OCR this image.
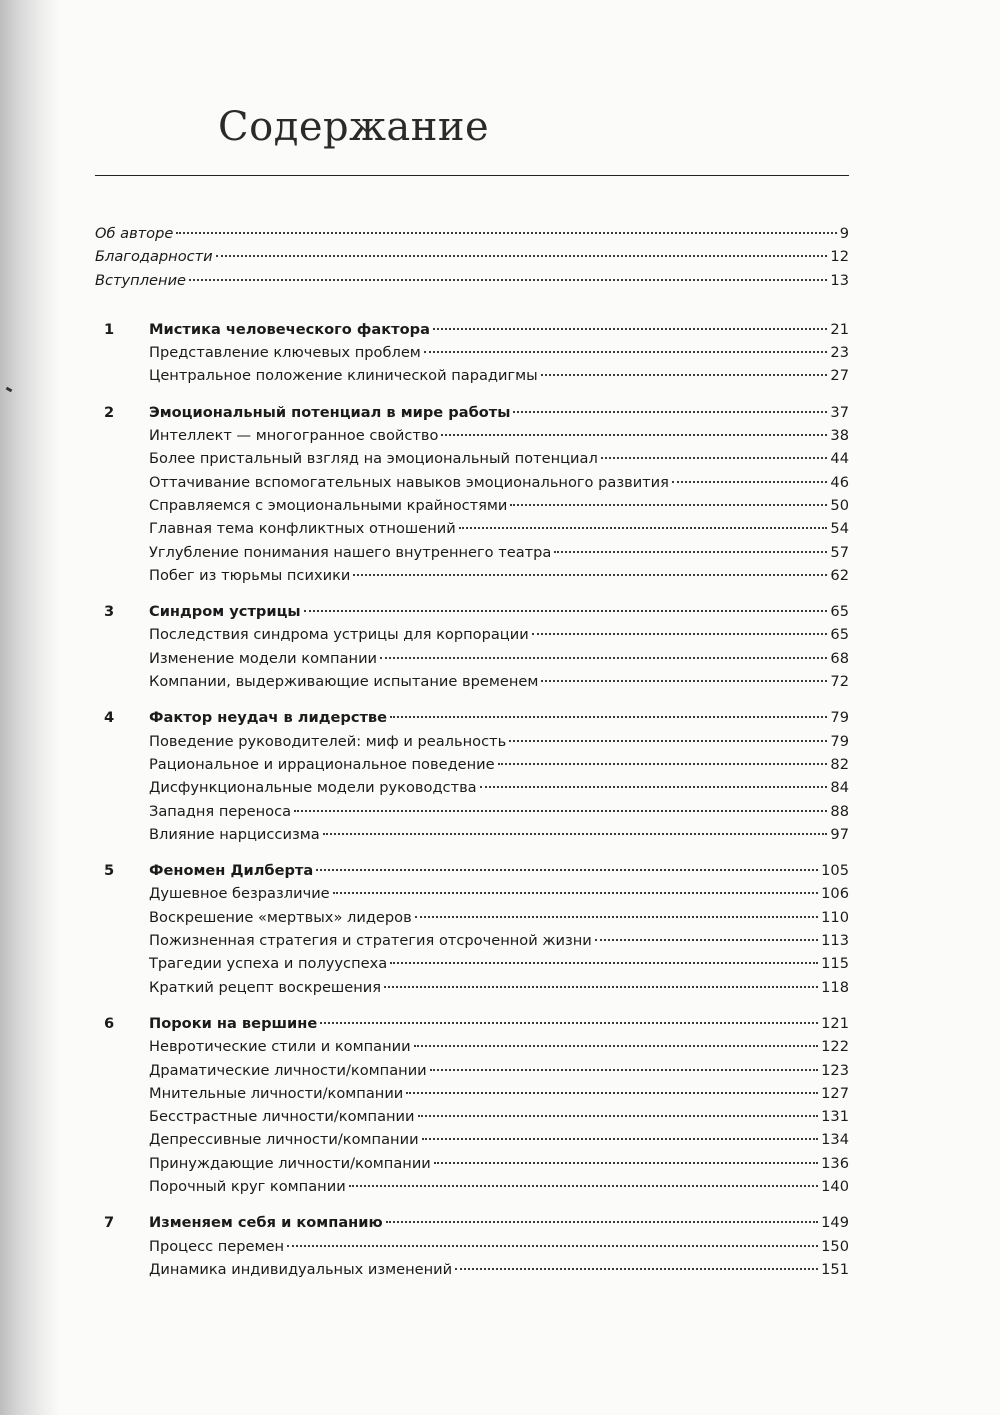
Содержание
Об авторе	9
Благодарности	12
Вступление	13
1	Мистика человеческого фактора	21
Представление ключевых проблем	23
Центральное положение клинической парадигмы	27
2	Эмоциональный потенциал в мире работы	37
Интеллект — многогранное свойство	38
Более пристальный взгляд на эмоциональный потенциал	44
Оттачивание вспомогательных навыков эмоционального развития	46
Справляемся с эмоциональными крайностями	50
Главная тема конфликтных отношений	54
Углубление понимания нашего внутреннего театра	57
Побег из тюрьмы психики	62
3	Синдром устрицы	65
Последствия синдрома устрицы для корпорации	65
Изменение модели компании	68
Компании, выдерживающие испытание временем	72
4	Фактор неудач в лидерстве	79
Поведение руководителей: миф и реальность	79
Рациональное и иррациональное поведение	82
Дисфункциональные модели руководства	84
Западня переноса	88
Влияние нарциссизма	97
5	Феномен Дилберта	105
Душевное безразличие	106
Воскрешение «мертвых» лидеров	110
Пожизненная стратегия и стратегия отсроченной жизни	113
Трагедии успеха и полууспеха	115
Краткий рецепт воскрешения	118
6	Пороки на вершине	121
Невротические стили и компании	122
Драматические личности/компании	123
Мнительные личности/компании	127
Бесстрастные личности/компании	131
Депрессивные личности/компании	134
Принуждающие личности/компании	136
Порочный круг компании	140
7	Изменяем себя и компанию	149
Процесс перемен	150
Динамика индивидуальных изменений	151
